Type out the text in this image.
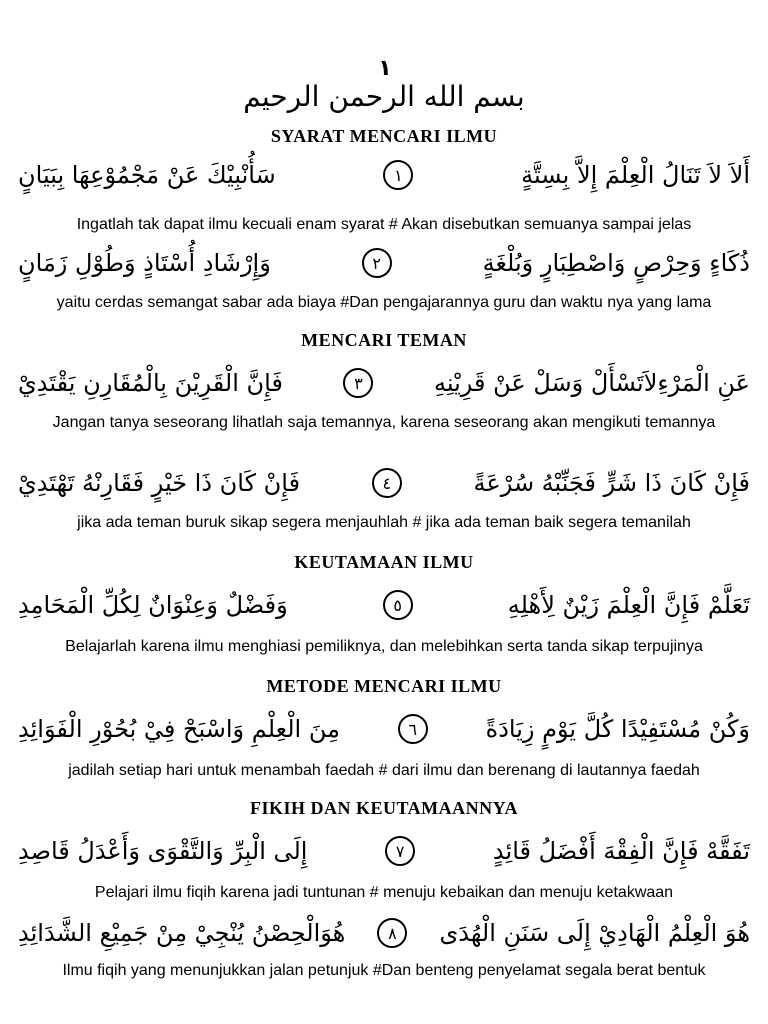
١
بسم الله الرحمن الرحيم
SYARAT MENCARI ILMU
أَلاَ لاَ تَنَالُ الْعِلْمَ إِلاَّ بِسِتَّةٍ
١
سَأُنْبِيْكَ عَنْ مَجْمُوْعِهَا بِبَيَانٍ
Ingatlah tak dapat ilmu kecuali enam syarat # Akan disebutkan semuanya sampai jelas
ذُكَاءٍ وَحِرْصٍ وَاصْطِبَارٍ وَبُلْغَةٍ
٢
وَإِرْشَادِ أُسْتَاذٍ وَطُوْلِ زَمَانٍ
yaitu cerdas semangat sabar ada biaya #Dan pengajarannya guru dan waktu nya yang lama
MENCARI TEMAN
عَنِ الْمَرْءِلاَتَسْأَلْ وَسَلْ عَنْ قَرِيْنِهِ
٣
فَإِنَّ الْقَرِيْنَ بِالْمُقَارِنِ يَقْتَدِيْ
Jangan tanya seseorang lihatlah saja temannya, karena seseorang akan mengikuti temannya
فَإِنْ كَانَ ذَا شَرٍّ فَجَنِّبْهُ سُرْعَةً
٤
فَإِنْ كَانَ ذَا خَيْرٍ فَقَارِنْهُ تَهْتَدِيْ
jika ada teman buruk sikap segera menjauhlah # jika ada teman baik segera temanilah
KEUTAMAAN ILMU
تَعَلَّمْ فَإِنَّ الْعِلْمَ زَيْنٌ لِأَهْلِهِ
٥
وَفَضْلٌ وَعِنْوَانٌ لِكُلِّ الْمَحَامِدِ
Belajarlah karena ilmu menghiasi pemiliknya, dan melebihkan serta tanda sikap terpujinya
METODE MENCARI ILMU
وَكُنْ مُسْتَفِيْدًا كُلَّ يَوْمٍ زِيَادَةً
٦
مِنَ الْعِلْمِ وَاسْبَحْ فِيْ بُحُوْرِ الْفَوَائِدِ
jadilah setiap hari untuk menambah faedah # dari ilmu dan berenang di lautannya faedah
FIKIH DAN KEUTAMAANNYA
تَفَقَّهْ فَإِنَّ الْفِقْهَ أَفْضَلُ قَائِدٍ
٧
إِلَى الْبِرِّ وَالتَّقْوَى وَأَعْدَلُ قَاصِدِ
Pelajari ilmu fiqih karena jadi tuntunan # menuju kebaikan dan menuju ketakwaan
هُوَ الْعِلْمُ الْهَادِيْ إِلَى سَنَنِ الْهُدَى
٨
هُوَالْحِصْنُ يُنْجِيْ مِنْ جَمِيْعِ الشَّدَائِدِ
Ilmu fiqih yang menunjukkan jalan petunjuk #Dan benteng penyelamat segala berat bentuk
